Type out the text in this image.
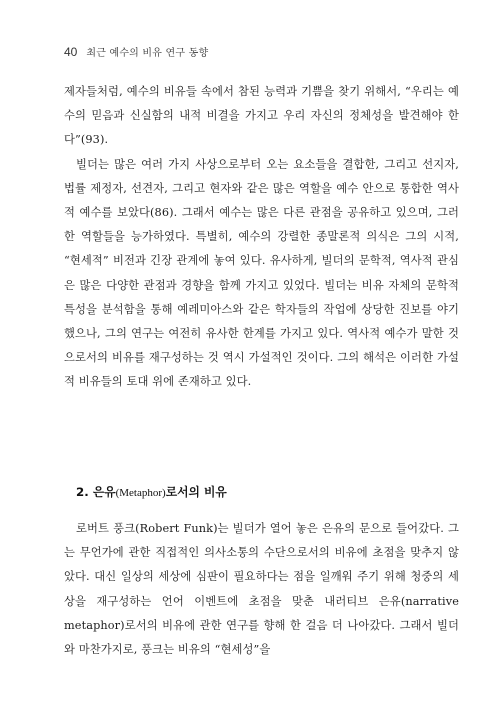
40 최근 예수의 비유 연구 동향

제자들처럼, 예수의 비유들 속에서 참된 능력과 기쁨을 찾기 위해서, “우리는 예수의 믿음과 신실함의 내적 비결을 가지고 우리 자신의 정체성을 발견해야 한다”(93).

빌더는 많은 여러 가지 사상으로부터 오는 요소들을 결합한, 그리고 선지자, 법률 제정자, 선견자, 그리고 현자와 같은 많은 역할을 예수 안으로 통합한 역사적 예수를 보았다(86). 그래서 예수는 많은 다른 관점을 공유하고 있으며, 그러한 역할들을 능가하였다. 특별히, 예수의 강렬한 종말론적 의식은 그의 시적, “현세적” 비전과 긴장 관계에 놓여 있다. 유사하게, 빌더의 문학적, 역사적 관심은 많은 다양한 관점과 경향을 함께 가지고 있었다. 빌더는 비유 자체의 문학적 특성을 분석함을 통해 예레미아스와 같은 학자들의 작업에 상당한 진보를 야기했으나, 그의 연구는 여전히 유사한 한계를 가지고 있다. 역사적 예수가 말한 것으로서의 비유를 재구성하는 것 역시 가설적인 것이다. 그의 해석은 이러한 가설적 비유들의 토대 위에 존재하고 있다.

2. 은유(Metaphor)로서의 비유

로버트 풍크(Robert Funk)는 빌더가 열어 놓은 은유의 문으로 들어갔다. 그는 무언가에 관한 직접적인 의사소통의 수단으로서의 비유에 초점을 맞추지 않았다. 대신 일상의 세상에 심판이 필요하다는 점을 일깨워 주기 위해 청중의 세상을 재구성하는 언어 이벤트에 초점을 맞춘 내러티브 은유(narrative metaphor)로서의 비유에 관한 연구를 향해 한 걸음 더 나아갔다. 그래서 빌더와 마찬가지로, 풍크는 비유의 “현세성”을
